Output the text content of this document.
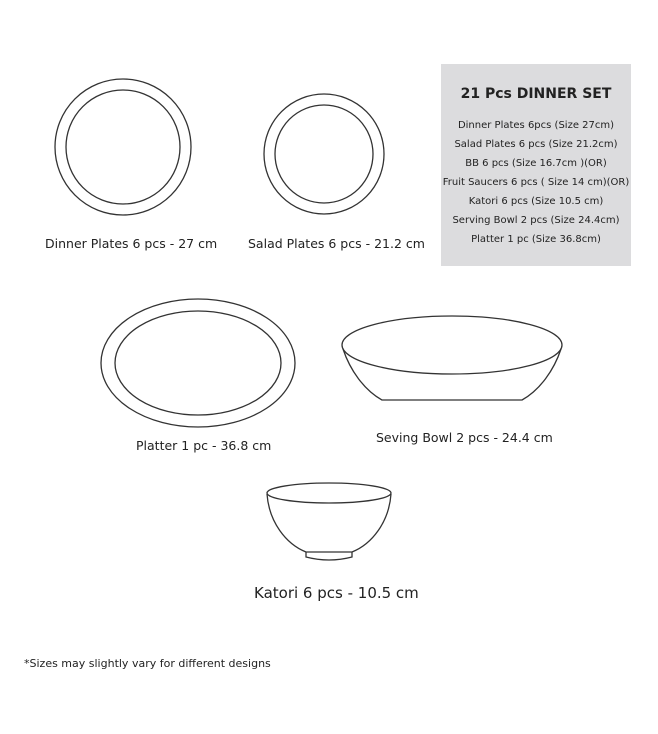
Dinner Plates 6 pcs - 27 cm Salad Plates 6 pcs - 21.2 cm
21 Pcs DINNER SET
Dinner Plates 6pcs (Size 27cm)
Salad Plates 6 pcs (Size 21.2cm)
BB 6 pcs (Size 16.7cm )(OR)
Fruit Saucers 6 pcs ( Size 14 cm)(OR)
Katori 6 pcs (Size 10.5 cm)
Serving Bowl 2 pcs (Size 24.4cm)
Platter 1 pc (Size 36.8cm)
Platter 1 pc - 36.8 cm
Seving Bowl 2 pcs - 24.4 cm
Katori 6 pcs - 10.5 cm
*Sizes may slightly vary for different designs
